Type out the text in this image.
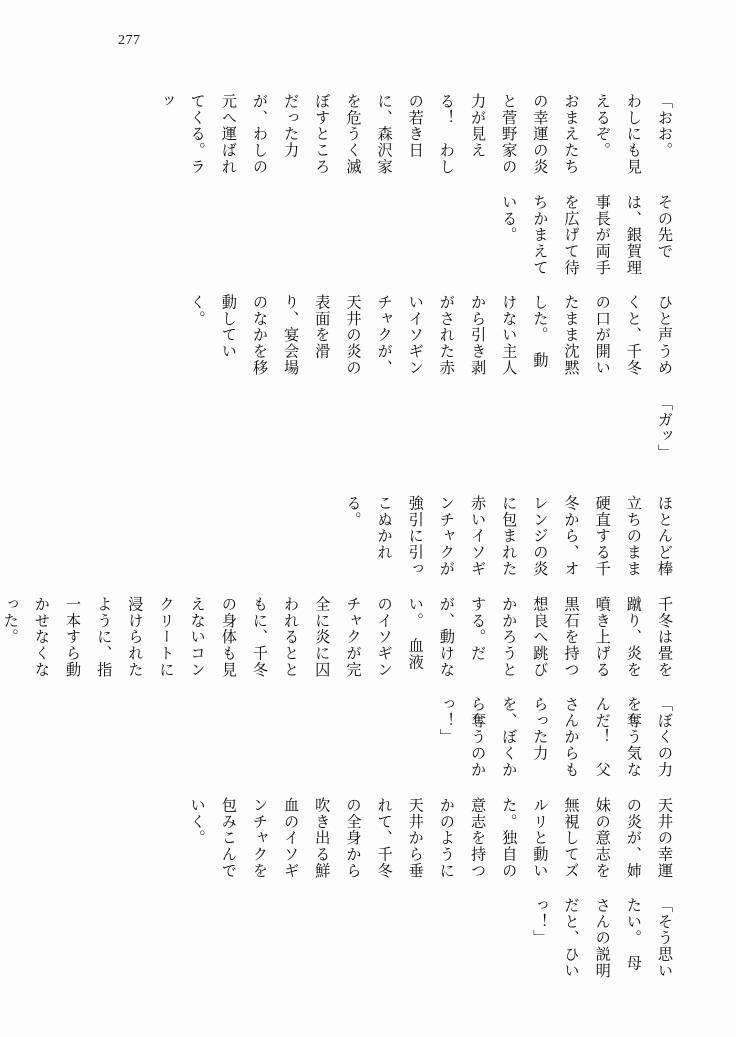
277
「そう思いたい。　母さんの説明だと、ひいっ！」
天井の幸運の炎が、姉妹の意志を無視してズルリと動いた。独自の意志を持つかのように天井から垂れて、千冬の全身から吹き出る鮮血のイソギンチャクを包みこんでいく。
「ぼくの力を奪う気なんだ！　父さんからもらった力を、ぼくから奪うのかっ！」
千冬は畳を蹴り、炎を噴き上げる黒石を持つ想良へ跳びかかろうとする。だが、動けない。　血液のイソギンチャクが完全に炎に囚われるとともに、千冬の身体も見えないコンクリートに浸けられたように、指一本すら動かせなくなった。
ほとんど棒立ちのまま硬直する千冬から、オレンジの炎に包まれた赤いイソギンチャクが強引に引っこぬかれる。
「ガッ」
ひと声うめくと、千冬の口が開いたまま沈黙した。　動けない主人から引き剥がされた赤いイソギンチャクが、天井の炎の表面を滑り、宴会場のなかを移動していく。
その先では、銀賀理事長が両手を広げて待ちかまえている。
「おお。　わしにも見えるぞ。　おまえたちの幸運の炎と菅野家の力が見える！　わしの若き日に、森沢家を危うく滅ぼすところだった力が、わしの元へ運ばれてくる。ラッ
